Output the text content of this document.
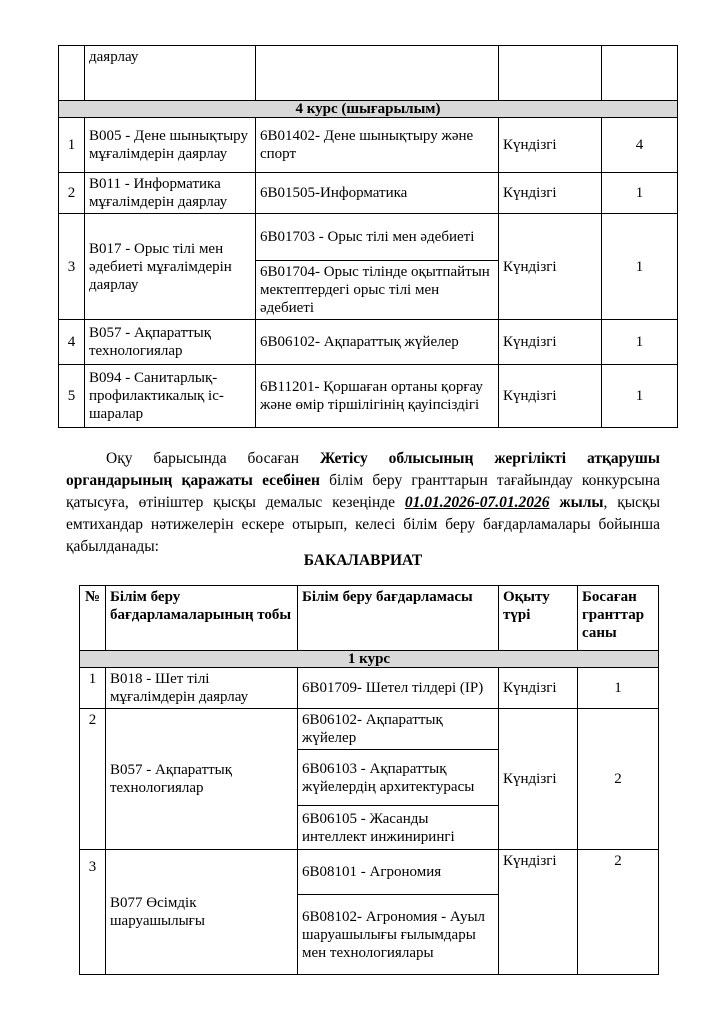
	даярлау			
4 курс (шығарылым)				
1	B005 - Дене шынықтыру мұғалімдерін даярлау	6B01402- Дене шынықтыру және спорт	Күндізгі	4
2	B011 - Информатика мұғалімдерін даярлау	6B01505-Информатика	Күндізгі	1
3	B017 - Орыс тілі мен әдебиеті мұғалімдерін даярлау	6B01703 - Орыс тілі мен әдебиеті	Күндізгі	1
		6B01704- Орыс тілінде оқытпайтын мектептердегі орыс тілі мен әдебиеті		
4	B057 - Ақпараттық технологиялар	6B06102- Ақпараттық жүйелер	Күндізгі	1
5	B094 - Санитарлық-профилактикалық іс-шаралар	6B11201- Қоршаған ортаны қорғау және өмір тіршілігінің қауіпсіздігі	Күндізгі	1

Оқу барысында босаған Жетісу облысының жергілікті атқарушы органдарының қаражаты есебінен білім беру гранттарын тағайындау конкурсына қатысуға, өтініштер қысқы демалыс кезеңінде 01.01.2026-07.01.2026 жылы, қысқы емтихандар нәтижелерін ескере отырып, келесі білім беру бағдарламалары бойынша қабылданады:

БАКАЛАВРИАТ
№	Білім беру бағдарламаларының тобы	Білім беру бағдарламасы	Оқыту түрі	Босаған гранттар саны
1 курс				
1	B018 - Шет тілі мұғалімдерін даярлау	6B01709- Шетел тілдері (IP)	Күндізгі	1
2	B057 - Ақпараттық технологиялар	6B06102- Ақпараттық жүйелер	Күндізгі	2
		6B06103 - Ақпараттық жүйелердің архитектурасы		
		6B06105 - Жасанды интеллект инжинирингі		
3	B077 Өсімдік шаруашылығы	6B08101 - Агрономия	Күндізгі	2
		6B08102- Агрономия - Ауыл шаруашылығы ғылымдары мен технологиялары		
